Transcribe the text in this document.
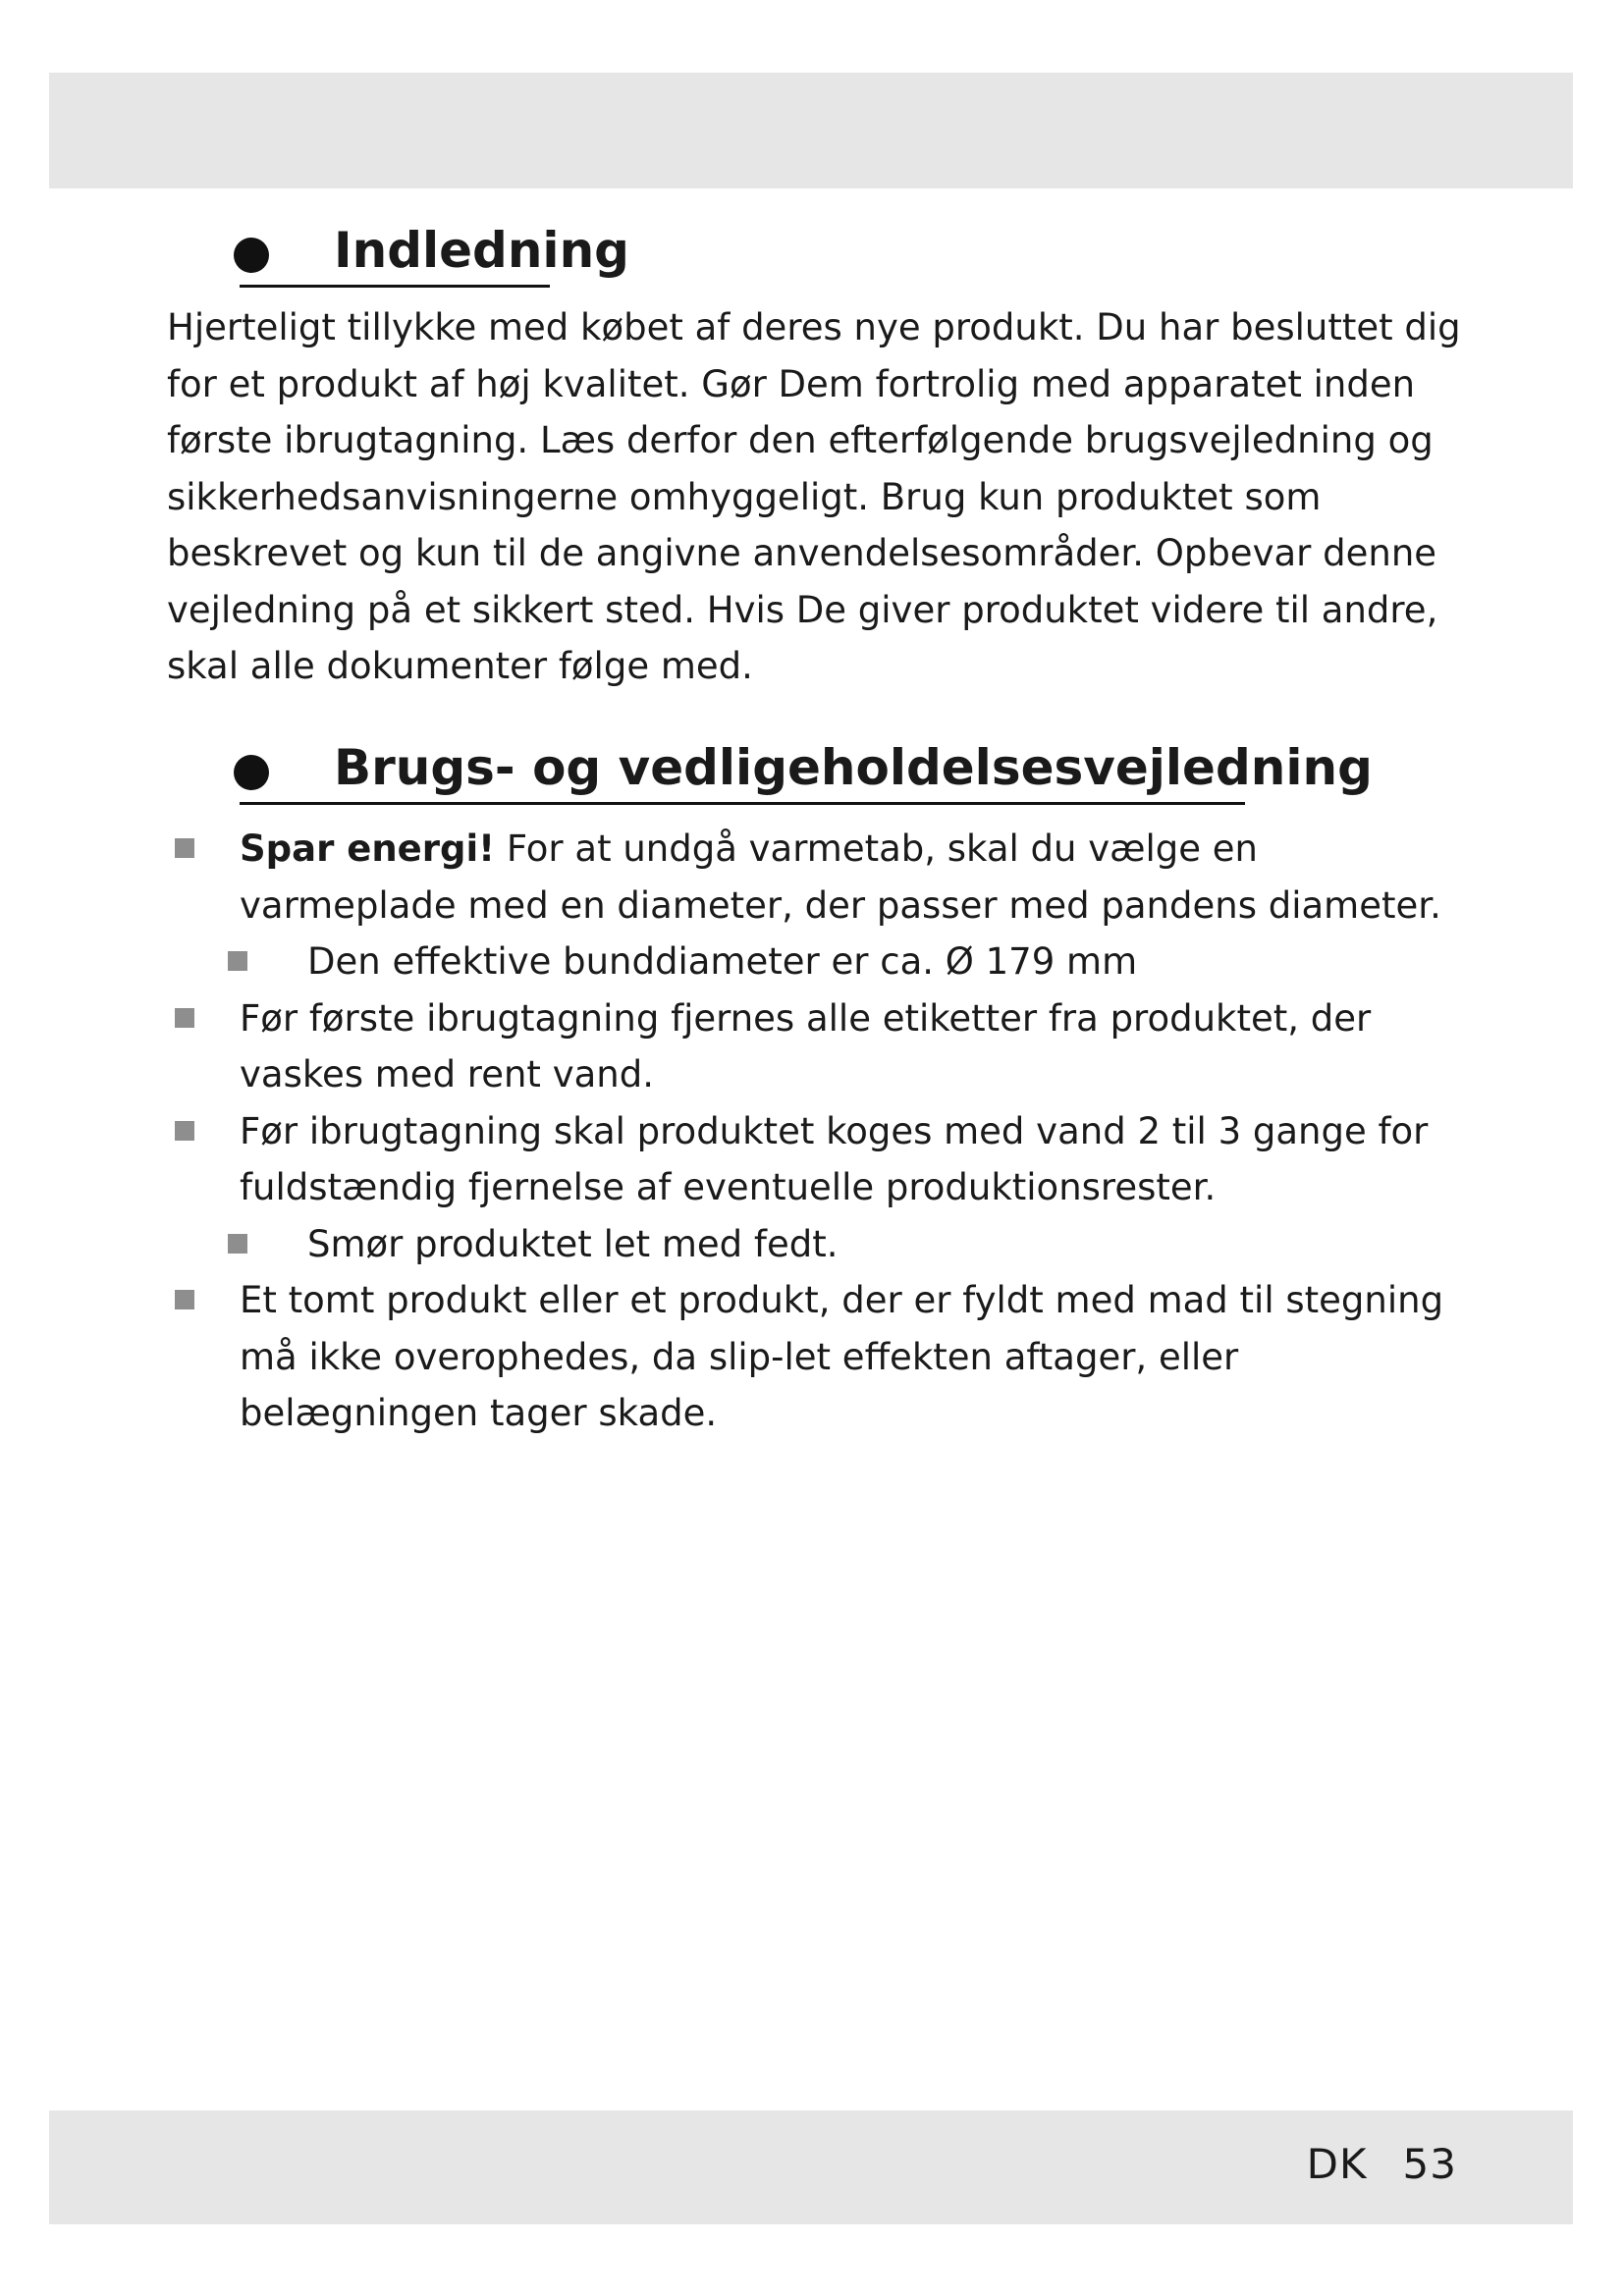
Indledning

Hjerteligt tillykke med købet af deres nye produkt. Du har besluttet dig for et produkt af høj kvalitet. Gør Dem fortrolig med apparatet inden første ibrugtagning. Læs derfor den efterfølgende brugsvejledning og sikkerhedsanvisningerne omhyggeligt. Brug kun produktet som beskrevet og kun til de angivne anvendelsesområder. Opbevar denne vejledning på et sikkert sted. Hvis De giver produktet videre til andre, skal alle dokumenter følge med.

Brugs- og vedligeholdelsesvejledning
Spar energi! For at undgå varmetab, skal du vælge en varmeplade med en diameter, der passer med pandens diameter.
Den effektive bunddiameter er ca. Ø 179 mm
Før første ibrugtagning fjernes alle etiketter fra produktet, der vaskes med rent vand.
Før ibrugtagning skal produktet koges med vand 2 til 3 gange for fuldstændig fjernelse af eventuelle produktionsrester.
Smør produktet let med fedt.
Et tomt produkt eller et produkt, der er fyldt med mad til stegning må ikke overophedes, da slip-let effekten aftager, eller belægningen tager skade.
DK 53
